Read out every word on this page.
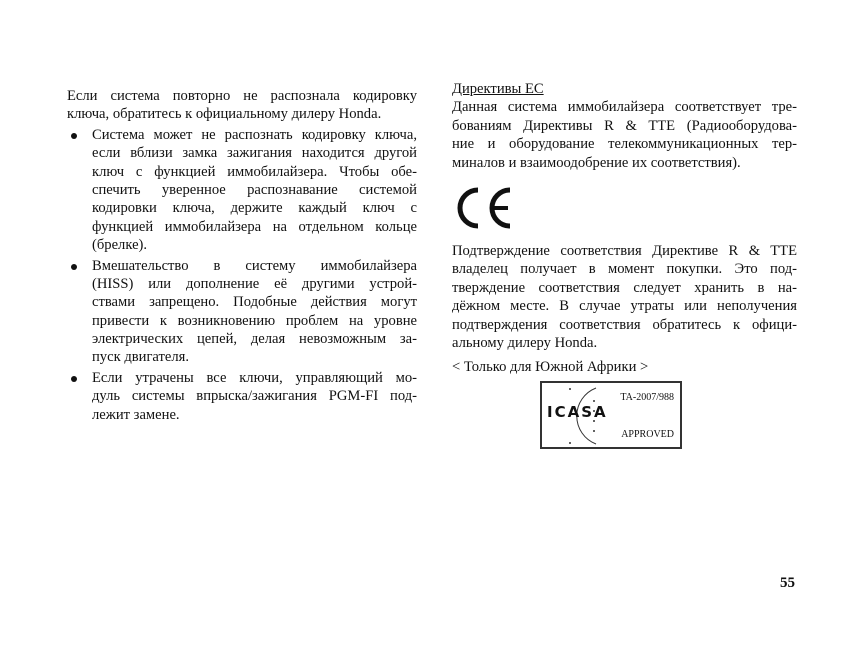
Если система повторно не распознала кодировку
ключа, обратитесь к официальному дилеру Honda.
Система может не распознать кодировку ключа,
если вблизи замка зажигания находится другой
ключ с функцией иммобилайзера. Чтобы обе-
спечить уверенное распознавание системой
кодировки ключа, держите каждый ключ с
функцией иммобилайзера на отдельном кольце
(брелке).
Вмешательство в систему иммобилайзера
(HISS) или дополнение её другими устрой-
ствами запрещено. Подобные действия могут
привести к возникновению проблем на уровне
электрических цепей, делая невозможным за-
пуск двигателя.
Если утрачены все ключи, управляющий мо-
дуль системы впрыска/зажигания PGM-FI под-
лежит замене.
Директивы ЕС
Данная система иммобилайзера соответствует тре-
бованиям Директивы R & TTE (Радиооборудова-
ние и оборудование телекоммуникационных тер-
миналов и взаимоодобрение их соответствия).
Подтверждение соответствия Директиве R & TTE
владелец получает в момент покупки. Это под-
тверждение соответствия следует хранить в на-
дёжном месте. В случае утраты или неполучения
подтверждения соответствия обратитесь к офици-
альному дилеру Honda.
< Только для Южной Африки >
ICASA
TA-2007/988
APPROVED
55
